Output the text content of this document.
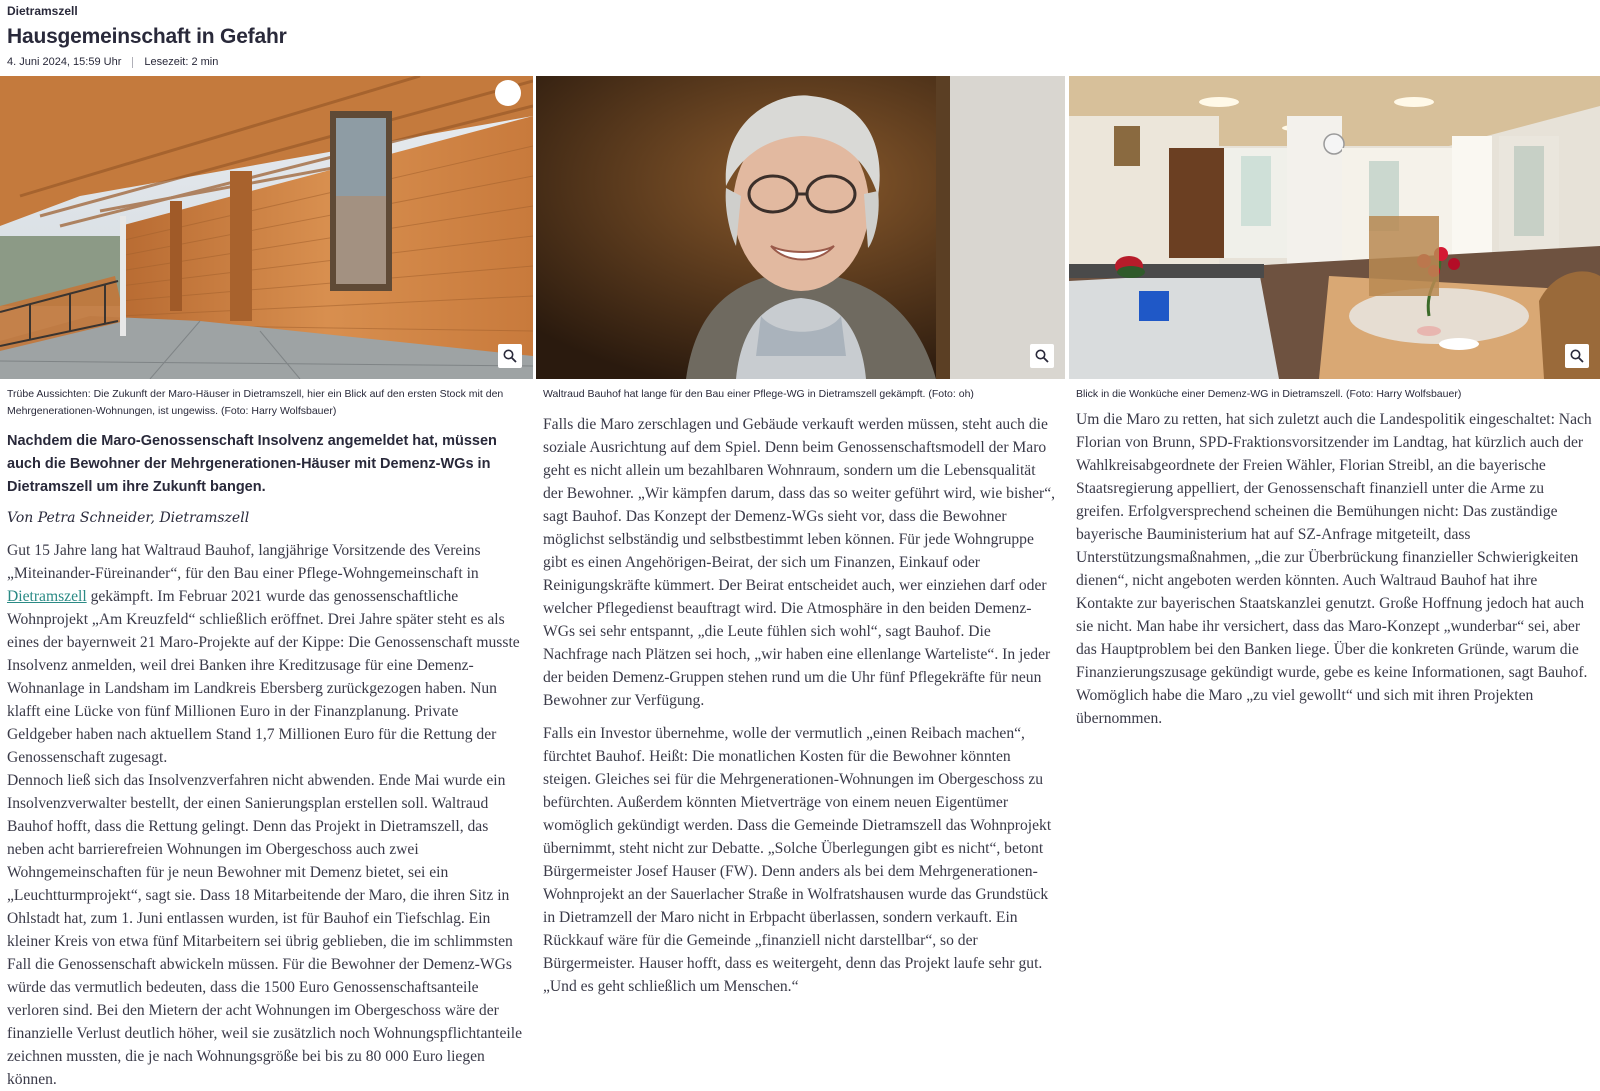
Dietramszell
Hausgemeinschaft in Gefahr
4. Juni 2024, 15:59 Uhr Lesezeit: 2 min
Trübe Aussichten: Die Zukunft der Maro-Häuser in Dietramszell, hier ein Blick auf den ersten Stock mit den Mehrgenerationen-Wohnungen, ist ungewiss. (Foto: Harry Wolfsbauer)

Nachdem die Maro-Genossenschaft Insolvenz angemeldet hat, müssen auch die Bewohner der Mehrgenerationen-Häuser mit Demenz-WGs in Dietramszell um ihre Zukunft bangen.

Von Petra Schneider, Dietramszell

Gut 15 Jahre lang hat Waltraud Bauhof, langjährige Vorsitzende des Vereins „Miteinander-Füreinander“, für den Bau einer Pflege-Wohngemeinschaft in Dietramszell gekämpft. Im Februar 2021 wurde das genossenschaftliche Wohnprojekt „Am Kreuzfeld“ schließlich eröffnet. Drei Jahre später steht es als eines der bayernweit 21 Maro-Projekte auf der Kippe: Die Genossenschaft musste Insolvenz anmelden, weil drei Banken ihre Kreditzusage für eine Demenz-Wohnanlage in Landsham im Landkreis Ebersberg zurückgezogen haben. Nun klafft eine Lücke von fünf Millionen Euro in der Finanzplanung. Private Geldgeber haben nach aktuellem Stand 1,7 Millionen Euro für die Rettung der Genossenschaft zugesagt.

Dennoch ließ sich das Insolvenzverfahren nicht abwenden. Ende Mai wurde ein Insolvenzverwalter bestellt, der einen Sanierungsplan erstellen soll. Waltraud Bauhof hofft, dass die Rettung gelingt. Denn das Projekt in Dietramszell, das neben acht barrierefreien Wohnungen im Obergeschoss auch zwei Wohngemeinschaften für je neun Bewohner mit Demenz bietet, sei ein „Leuchtturmprojekt“, sagt sie. Dass 18 Mitarbeitende der Maro, die ihren Sitz in Ohlstadt hat, zum 1. Juni entlassen wurden, ist für Bauhof ein Tiefschlag. Ein kleiner Kreis von etwa fünf Mitarbeitern sei übrig geblieben, die im schlimmsten Fall die Genossenschaft abwickeln müssen. Für die Bewohner der Demenz-WGs würde das vermutlich bedeuten, dass die 1500 Euro Genossenschaftsanteile verloren sind. Bei den Mietern der acht Wohnungen im Obergeschoss wäre der finanzielle Verlust deutlich höher, weil sie zusätzlich noch Wohnungspflichtanteile zeichnen mussten, die je nach Wohnungsgröße bei bis zu 80 000 Euro liegen können.

Waltraud Bauhof hat lange für den Bau einer Pflege-WG in Dietramszell gekämpft. (Foto: oh)

Falls die Maro zerschlagen und Gebäude verkauft werden müssen, steht auch die soziale Ausrichtung auf dem Spiel. Denn beim Genossenschaftsmodell der Maro geht es nicht allein um bezahlbaren Wohnraum, sondern um die Lebensqualität der Bewohner. „Wir kämpfen darum, dass das so weiter geführt wird, wie bisher“, sagt Bauhof. Das Konzept der Demenz-WGs sieht vor, dass die Bewohner möglichst selbständig und selbstbestimmt leben können. Für jede Wohngruppe gibt es einen Angehörigen-Beirat, der sich um Finanzen, Einkauf oder Reinigungskräfte kümmert. Der Beirat entscheidet auch, wer einziehen darf oder welcher Pflegedienst beauftragt wird. Die Atmosphäre in den beiden Demenz-WGs sei sehr entspannt, „die Leute fühlen sich wohl“, sagt Bauhof. Die Nachfrage nach Plätzen sei hoch, „wir haben eine ellenlange Warteliste“. In jeder der beiden Demenz-Gruppen stehen rund um die Uhr fünf Pflegekräfte für neun Bewohner zur Verfügung.

Falls ein Investor übernehme, wolle der vermutlich „einen Reibach machen“, fürchtet Bauhof. Heißt: Die monatlichen Kosten für die Bewohner könnten steigen. Gleiches sei für die Mehrgenerationen-Wohnungen im Obergeschoss zu befürchten. Außerdem könnten Mietverträge von einem neuen Eigentümer womöglich gekündigt werden. Dass die Gemeinde Dietramszell das Wohnprojekt übernimmt, steht nicht zur Debatte. „Solche Überlegungen gibt es nicht“, betont Bürgermeister Josef Hauser (FW). Denn anders als bei dem Mehrgenerationen-Wohnprojekt an der Sauerlacher Straße in Wolfratshausen wurde das Grundstück in Dietramzell der Maro nicht in Erbpacht überlassen, sondern verkauft. Ein Rückkauf wäre für die Gemeinde „finanziell nicht darstellbar“, so der Bürgermeister. Hauser hofft, dass es weitergeht, denn das Projekt laufe sehr gut. „Und es geht schließlich um Menschen.“

Blick in die Wonküche einer Demenz-WG in Dietramszell. (Foto: Harry Wolfsbauer)

Um die Maro zu retten, hat sich zuletzt auch die Landespolitik eingeschaltet: Nach Florian von Brunn, SPD-Fraktionsvorsitzender im Landtag, hat kürzlich auch der Wahlkreisabgeordnete der Freien Wähler, Florian Streibl, an die bayerische Staatsregierung appelliert, der Genossenschaft finanziell unter die Arme zu greifen. Erfolgversprechend scheinen die Bemühungen nicht: Das zuständige bayerische Bauministerium hat auf SZ-Anfrage mitgeteilt, dass Unterstützungsmaßnahmen, „die zur Überbrückung finanzieller Schwierigkeiten dienen“, nicht angeboten werden könnten. Auch Waltraud Bauhof hat ihre Kontakte zur bayerischen Staatskanzlei genutzt. Große Hoffnung jedoch hat auch sie nicht. Man habe ihr versichert, dass das Maro-Konzept „wunderbar“ sei, aber das Hauptproblem bei den Banken liege. Über die konkreten Gründe, warum die Finanzierungszusage gekündigt wurde, gebe es keine Informationen, sagt Bauhof. Womöglich habe die Maro „zu viel gewollt“ und sich mit ihren Projekten übernommen.
